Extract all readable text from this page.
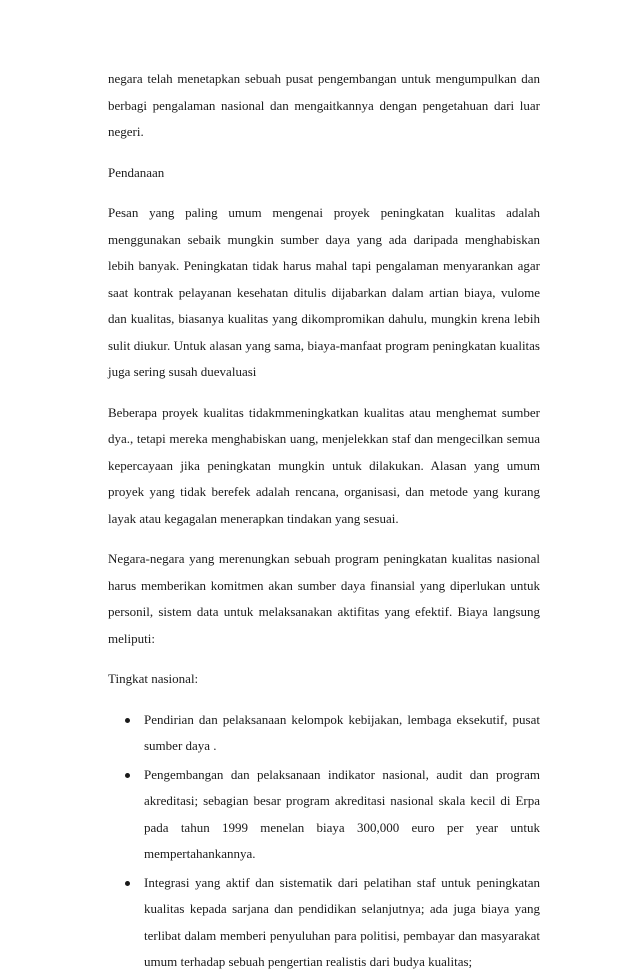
negara telah menetapkan sebuah pusat pengembangan untuk mengumpulkan dan berbagi pengalaman nasional dan mengaitkannya dengan pengetahuan dari luar negeri.

Pendanaan

Pesan yang paling umum mengenai proyek peningkatan kualitas adalah menggunakan sebaik mungkin sumber daya yang ada daripada menghabiskan lebih banyak. Peningkatan tidak harus mahal tapi pengalaman menyarankan agar saat kontrak pelayanan kesehatan ditulis dijabarkan dalam artian biaya, vulome dan kualitas, biasanya kualitas yang dikompromikan dahulu, mungkin krena lebih sulit diukur. Untuk alasan yang sama, biaya-manfaat program peningkatan kualitas juga sering susah duevaluasi

Beberapa proyek kualitas tidakmmeningkatkan kualitas atau menghemat sumber dya., tetapi mereka menghabiskan uang, menjelekkan staf dan mengecilkan semua kepercayaan jika peningkatan mungkin untuk dilakukan. Alasan yang umum proyek yang tidak berefek adalah rencana, organisasi, dan metode yang kurang layak atau kegagalan menerapkan tindakan yang sesuai.

Negara-negara yang merenungkan sebuah program peningkatan kualitas nasional harus memberikan komitmen akan sumber daya finansial yang diperlukan untuk personil, sistem data untuk melaksanakan aktifitas yang efektif. Biaya langsung meliputi:

Tingkat nasional:

Pendirian dan pelaksanaan kelompok kebijakan, lembaga eksekutif, pusat sumber daya .
Pengembangan dan pelaksanaan indikator nasional, audit dan program akreditasi; sebagian besar program akreditasi nasional skala kecil di Erpa pada tahun 1999 menelan biaya 300,000 euro per year untuk mempertahankannya.
Integrasi yang aktif dan sistematik dari pelatihan staf untuk peningkatan kualitas kepada sarjana dan pendidikan selanjutnya; ada juga biaya yang terlibat dalam memberi penyuluhan para politisi, pembayar dan masyarakat umum terhadap sebuah pengertian realistis dari budya kualitas;
